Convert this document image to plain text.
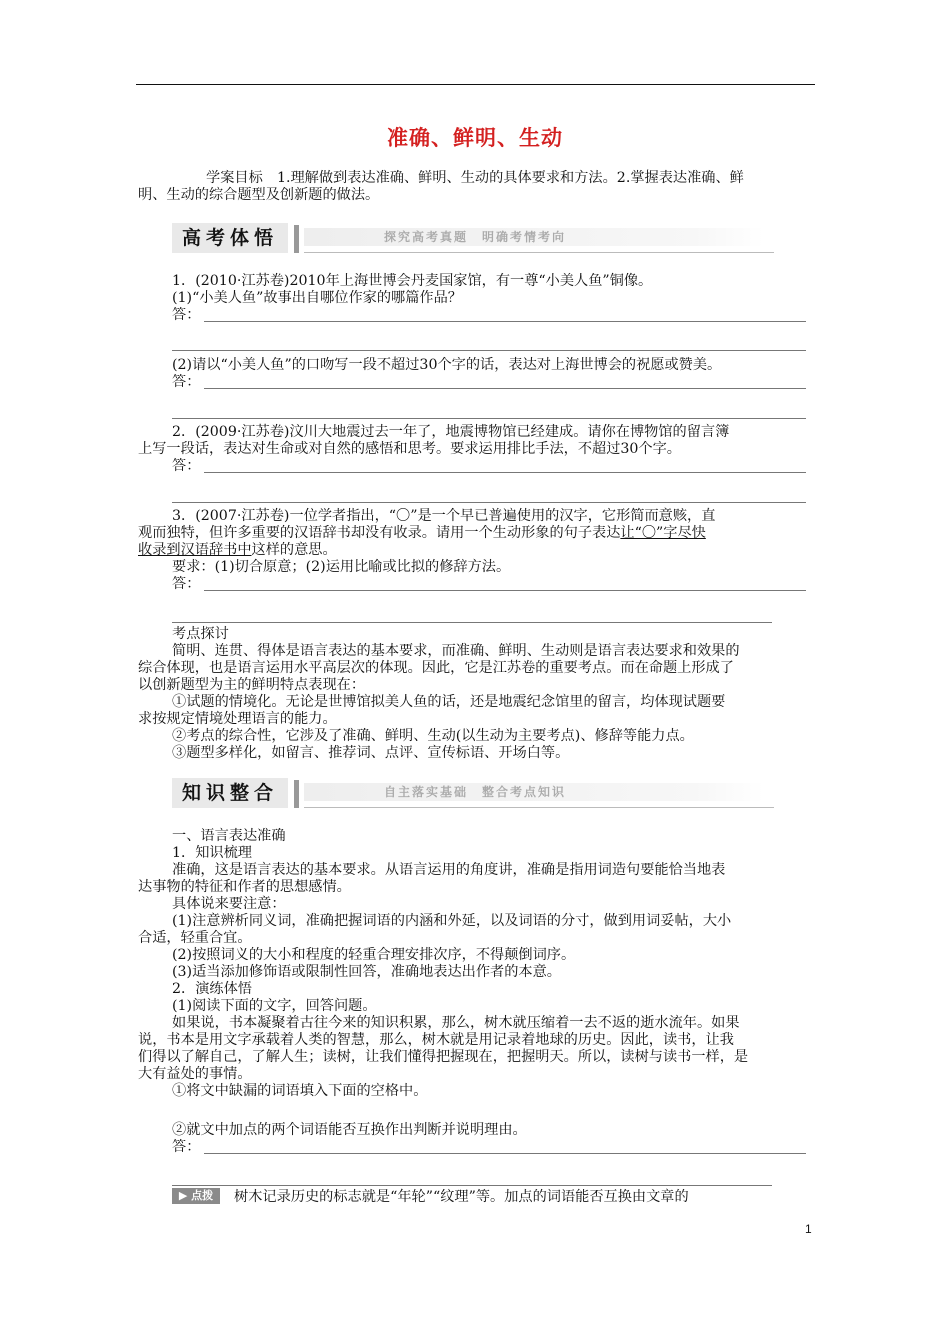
准确、鲜明、生动
学案目标　1.理解做到表达准确、鲜明、生动的具体要求和方法。2.掌握表达准确、鲜
明、生动的综合题型及创新题的做法。
高考体悟	探究高考真题　明确考情考向
1．(2010·江苏卷)2010年上海世博会丹麦国家馆，有一尊“小美人鱼”铜像。
(1)“小美人鱼”故事出自哪位作家的哪篇作品？
答：
(2)请以“小美人鱼”的口吻写一段不超过30个字的话，表达对上海世博会的祝愿或赞美。
答：
2．(2009·江苏卷)汶川大地震过去一年了，地震博物馆已经建成。请你在博物馆的留言簿
上写一段话，表达对生命或对自然的感悟和思考。要求运用排比手法，不超过30个字。
答：
3．(2007·江苏卷)一位学者指出，“〇”是一个早已普遍使用的汉字，它形简而意赅，直
观而独特，但许多重要的汉语辞书却没有收录。请用一个生动形象的句子表达让“〇”字尽快
收录到汉语辞书中这样的意思。
要求：(1)切合原意；(2)运用比喻或比拟的修辞方法。
答：
考点探讨
简明、连贯、得体是语言表达的基本要求，而准确、鲜明、生动则是语言表达要求和效果的
综合体现，也是语言运用水平高层次的体现。因此，它是江苏卷的重要考点。而在命题上形成了
以创新题型为主的鲜明特点表现在：
①试题的情境化。无论是世博馆拟美人鱼的话，还是地震纪念馆里的留言，均体现试题要
求按规定情境处理语言的能力。
②考点的综合性，它涉及了准确、鲜明、生动(以生动为主要考点)、修辞等能力点。
③题型多样化，如留言、推荐词、点评、宣传标语、开场白等。
知识整合	自主落实基础　整合考点知识
一、语言表达准确
1．知识梳理
准确，这是语言表达的基本要求。从语言运用的角度讲，准确是指用词造句要能恰当地表
达事物的特征和作者的思想感情。
具体说来要注意：
(1)注意辨析同义词，准确把握词语的内涵和外延，以及词语的分寸，做到用词妥帖，大小
合适，轻重合宜。
(2)按照词义的大小和程度的轻重合理安排次序，不得颠倒词序。
(3)适当添加修饰语或限制性回答，准确地表达出作者的本意。
2．演练体悟
(1)阅读下面的文字，回答问题。
如果说，书本凝聚着古往今来的知识积累，那么，树木就压缩着一去不返的逝水流年。如果
说，书本是用文字承载着人类的智慧，那么，树木就是用记录着地球的历史。因此，读书，让我
们得以了解自己，了解人生；读树，让我们懂得把握现在，把握明天。所以，读树与读书一样，是
大有益处的事情。
①将文中缺漏的词语填入下面的空格中。
②就文中加点的两个词语能否互换作出判断并说明理由。
答：
▶ 点拨	树木记录历史的标志就是“年轮”“纹理”等。加点的词语能否互换由文章的
1
